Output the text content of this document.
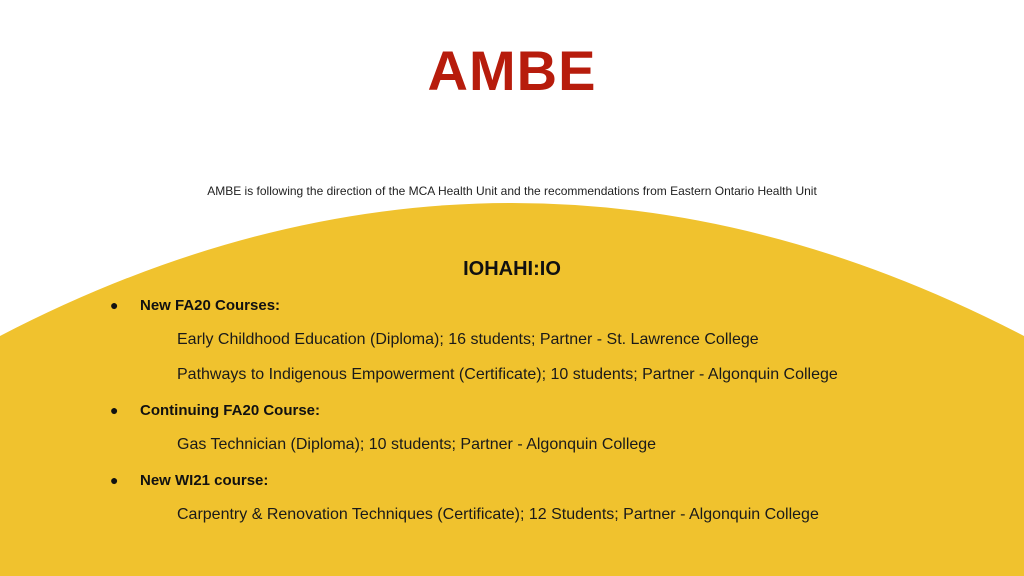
AMBE
AMBE is following the direction of the MCA Health Unit and the recommendations from Eastern Ontario Health Unit
IOHAHI:IO
●	New FA20 Courses:
Early Childhood Education (Diploma); 16 students; Partner - St. Lawrence College
Pathways to Indigenous Empowerment (Certificate); 10 students; Partner - Algonquin College
●	Continuing FA20 Course:
Gas Technician (Diploma); 10 students; Partner - Algonquin College
●	New WI21 course:
Carpentry & Renovation Techniques (Certificate); 12 Students; Partner - Algonquin College
